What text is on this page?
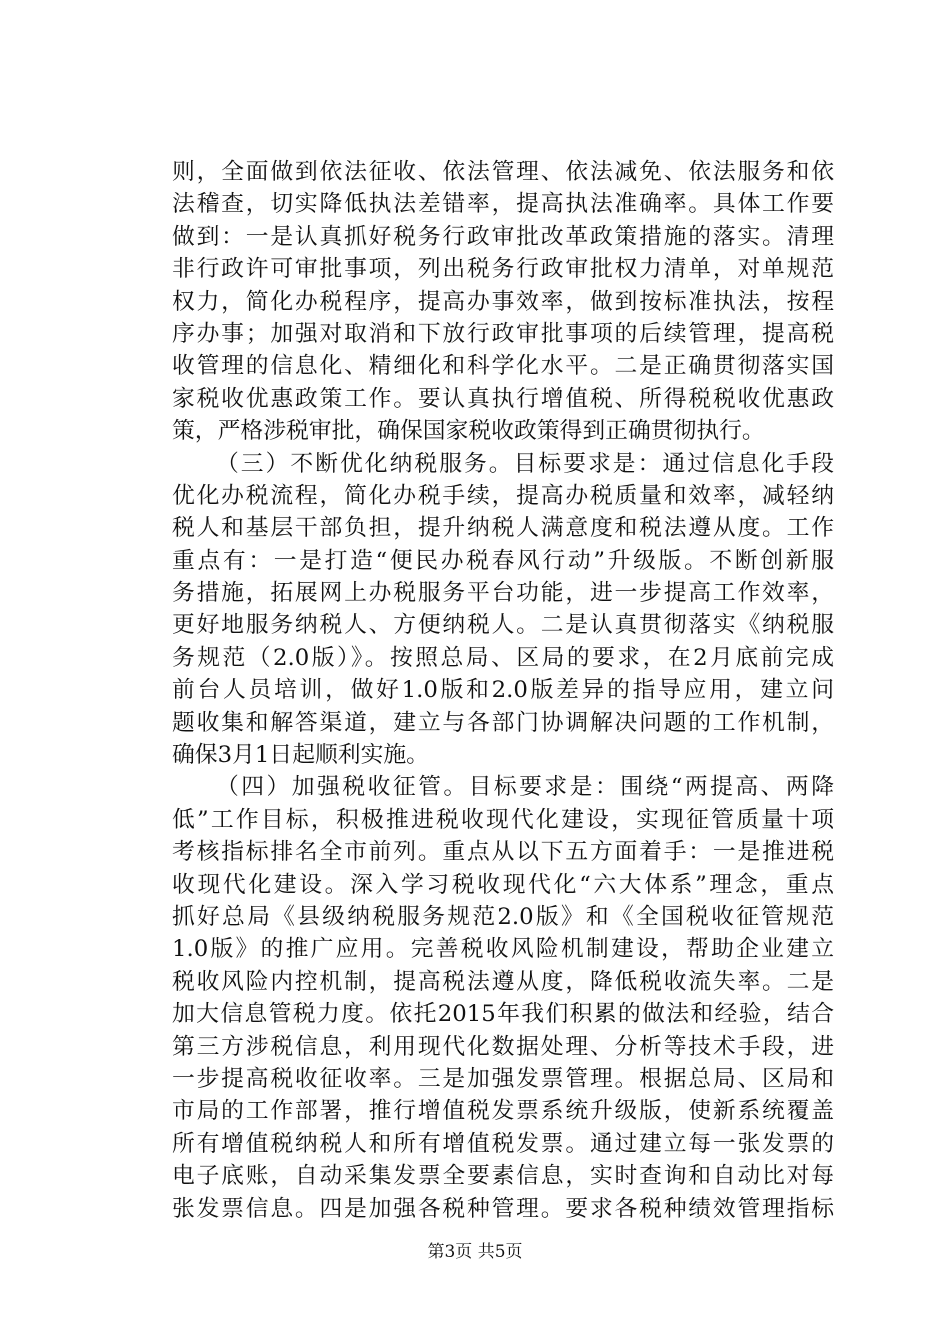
则，全面做到依法征收、依法管理、依法减免、依法服务和依
法稽查，切实降低执法差错率，提高执法准确率。具体工作要
做到：一是认真抓好税务行政审批改革政策措施的落实。清理
非行政许可审批事项，列出税务行政审批权力清单，对单规范
权力，简化办税程序，提高办事效率，做到按标准执法，按程
序办事；加强对取消和下放行政审批事项的后续管理，提高税
收管理的信息化、精细化和科学化水平。二是正确贯彻落实国
家税收优惠政策工作。要认真执行增值税、所得税税收优惠政
策，严格涉税审批，确保国家税收政策得到正确贯彻执行。
（三）不断优化纳税服务。目标要求是：通过信息化手段
优化办税流程，简化办税手续，提高办税质量和效率，减轻纳
税人和基层干部负担，提升纳税人满意度和税法遵从度。工作
重点有：一是打造“便民办税春风行动”升级版。不断创新服
务措施，拓展网上办税服务平台功能，进一步提高工作效率，
更好地服务纳税人、方便纳税人。二是认真贯彻落实《纳税服
务规范（2.0版）》。按照总局、区局的要求，在2月底前完成
前台人员培训，做好1.0版和2.0版差异的指导应用，建立问
题收集和解答渠道，建立与各部门协调解决问题的工作机制，
确保3月1日起顺利实施。
（四）加强税收征管。目标要求是：围绕“两提高、两降
低”工作目标，积极推进税收现代化建设，实现征管质量十项
考核指标排名全市前列。重点从以下五方面着手：一是推进税
收现代化建设。深入学习税收现代化“六大体系”理念，重点
抓好总局《县级纳税服务规范2.0版》和《全国税收征管规范
1.0版》的推广应用。完善税收风险机制建设，帮助企业建立
税收风险内控机制，提高税法遵从度，降低税收流失率。二是
加大信息管税力度。依托2015年我们积累的做法和经验，结合
第三方涉税信息，利用现代化数据处理、分析等技术手段，进
一步提高税收征收率。三是加强发票管理。根据总局、区局和
市局的工作部署，推行增值税发票系统升级版，使新系统覆盖
所有增值税纳税人和所有增值税发票。通过建立每一张发票的
电子底账，自动采集发票全要素信息，实时查询和自动比对每
张发票信息。四是加强各税种管理。要求各税种绩效管理指标
第3页 共5页
